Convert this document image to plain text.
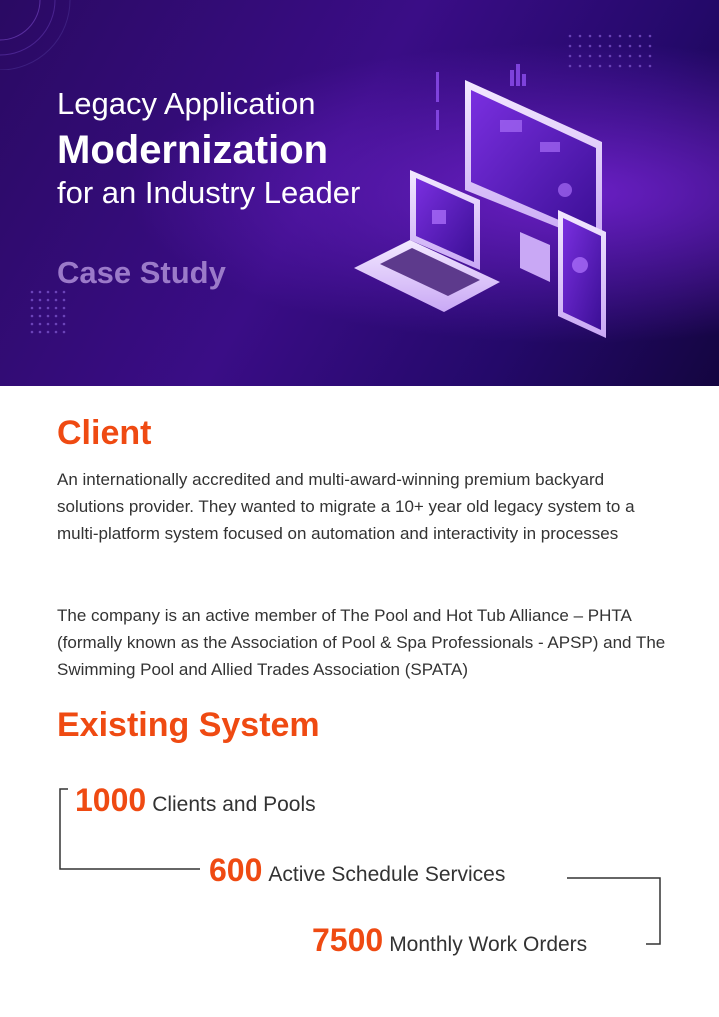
Legacy Application
Modernization
for an Industry Leader
Case Study
Client

An internationally accredited and multi-award-winning premium backyard solutions provider. They wanted to migrate a 10+ year old legacy system to a multi-platform system focused on automation and interactivity in processes

The company is an active member of The Pool and Hot Tub Alliance – PHTA (formally known as the Association of Pool & Spa Professionals - APSP) and The Swimming Pool and Allied Trades Association (SPATA)

Existing System
1000 Clients and Pools
600 Active Schedule Services
7500 Monthly Work Orders
